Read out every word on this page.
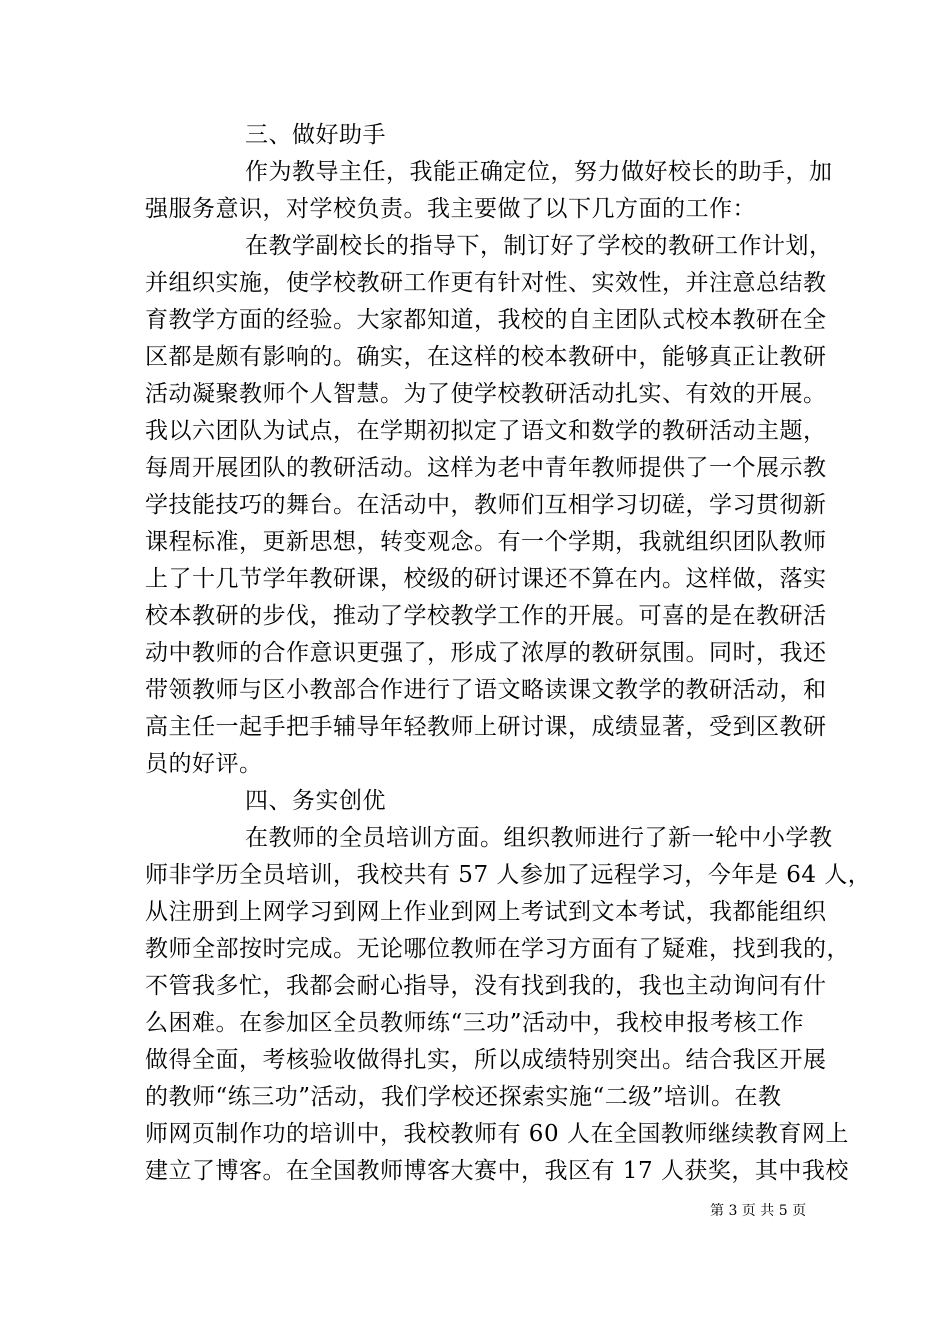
三、做好助手
作为教导主任，我能正确定位，努力做好校长的助手，加
强服务意识，对学校负责。我主要做了以下几方面的工作：
在教学副校长的指导下，制订好了学校的教研工作计划，
并组织实施，使学校教研工作更有针对性、实效性，并注意总结教
育教学方面的经验。大家都知道，我校的自主团队式校本教研在全
区都是颇有影响的。确实，在这样的校本教研中，能够真正让教研
活动凝聚教师个人智慧。为了使学校教研活动扎实、有效的开展。
我以六团队为试点，在学期初拟定了语文和数学的教研活动主题，
每周开展团队的教研活动。这样为老中青年教师提供了一个展示教
学技能技巧的舞台。在活动中，教师们互相学习切磋，学习贯彻新
课程标准，更新思想，转变观念。有一个学期，我就组织团队教师
上了十几节学年教研课，校级的研讨课还不算在内。这样做，落实
校本教研的步伐，推动了学校教学工作的开展。可喜的是在教研活
动中教师的合作意识更强了，形成了浓厚的教研氛围。同时，我还
带领教师与区小教部合作进行了语文略读课文教学的教研活动，和
高主任一起手把手辅导年轻教师上研讨课，成绩显著，受到区教研
员的好评。
四、务实创优
在教师的全员培训方面。组织教师进行了新一轮中小学教
师非学历全员培训，我校共有 57 人参加了远程学习，今年是 64 人，
从注册到上网学习到网上作业到网上考试到文本考试，我都能组织
教师全部按时完成。无论哪位教师在学习方面有了疑难，找到我的，
不管我多忙，我都会耐心指导，没有找到我的，我也主动询问有什
么困难。在参加区全员教师练“三功”活动中，我校申报考核工作
做得全面，考核验收做得扎实，所以成绩特别突出。结合我区开展
的教师“练三功”活动，我们学校还探索实施“二级”培训。在教
师网页制作功的培训中，我校教师有 60 人在全国教师继续教育网上
建立了博客。在全国教师博客大赛中，我区有 17 人获奖，其中我校
第 3 页 共 5 页
